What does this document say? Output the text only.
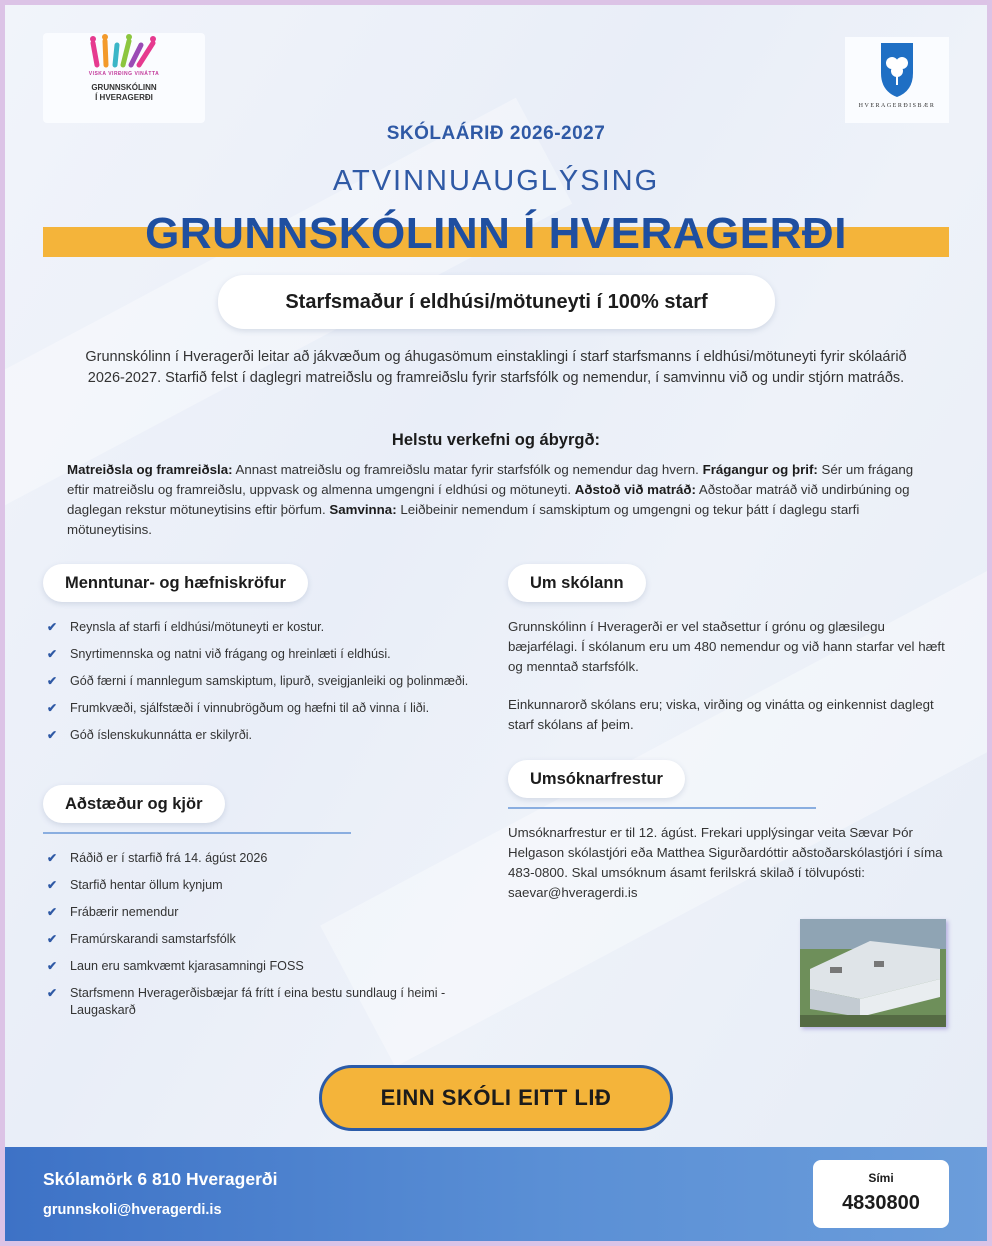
VISKA VIRÐING VINÁTTA
GRUNNSKÓLINN
Í HVERAGERÐI
HVERAGERÐISBÆR
SKÓLAÁRIÐ 2026-2027
ATVINNUAUGLÝSING
GRUNNSKÓLINN Í HVERAGERÐI
Starfsmaður í eldhúsi/mötuneyti í 100% starf
Grunnskólinn í Hveragerði leitar að jákvæðum og áhugasömum einstaklingi í starf starfsmanns í eldhúsi/mötuneyti fyrir skólaárið 2026-2027. Starfið felst í daglegri matreiðslu og framreiðslu fyrir starfsfólk og nemendur, í samvinnu við og undir stjórn matráðs.
Helstu verkefni og ábyrgð:
Matreiðsla og framreiðsla: Annast matreiðslu og framreiðslu matar fyrir starfsfólk og nemendur dag hvern. Frágangur og þrif: Sér um frágang eftir matreiðslu og framreiðslu, uppvask og almenna umgengni í eldhúsi og mötuneyti. Aðstoð við matráð: Aðstoðar matráð við undirbúning og daglegan rekstur mötuneytisins eftir þörfum. Samvinna: Leiðbeinir nemendum í samskiptum og umgengni og tekur þátt í daglegu starfi mötuneytisins.
Menntunar- og hæfniskröfur
✔ Reynsla af starfi í eldhúsi/mötuneyti er kostur.
✔ Snyrtimennska og natni við frágang og hreinlæti í eldhúsi.
✔ Góð færni í mannlegum samskiptum, lipurð, sveigjanleiki og þolinmæði.
✔ Frumkvæði, sjálfstæði í vinnubrögðum og hæfni til að vinna í liði.
✔ Góð íslenskukunnátta er skilyrði.
Aðstæður og kjör
✔ Ráðið er í starfið frá 14. ágúst 2026
✔ Starfið hentar öllum kynjum
✔ Frábærir nemendur
✔ Framúrskarandi samstarfsfólk
✔ Laun eru samkvæmt kjarasamningi FOSS
✔ Starfsmenn Hveragerðisbæjar fá frítt í eina bestu sundlaug í heimi - Laugaskarð
Um skólann
Grunnskólinn í Hveragerði er vel staðsettur í grónu og glæsilegu bæjarfélagi. Í skólanum eru um 480 nemendur og við hann starfar vel hæft og menntað starfsfólk.
Einkunnarorð skólans eru; viska, virðing og vinátta og einkennist daglegt starf skólans af þeim.
Umsóknarfrestur
Umsóknarfrestur er til 12. ágúst. Frekari upplýsingar veita Sævar Þór Helgason skólastjóri eða Matthea Sigurðardóttir aðstoðarskólastjóri í síma 483-0800. Skal umsóknum ásamt ferilskrá skilað í tölvupósti: saevar@hveragerdi.is
EINN SKÓLI EITT LIÐ
Skólamörk 6 810 Hveragerði
grunnskoli@hveragerdi.is
Sími
4830800
